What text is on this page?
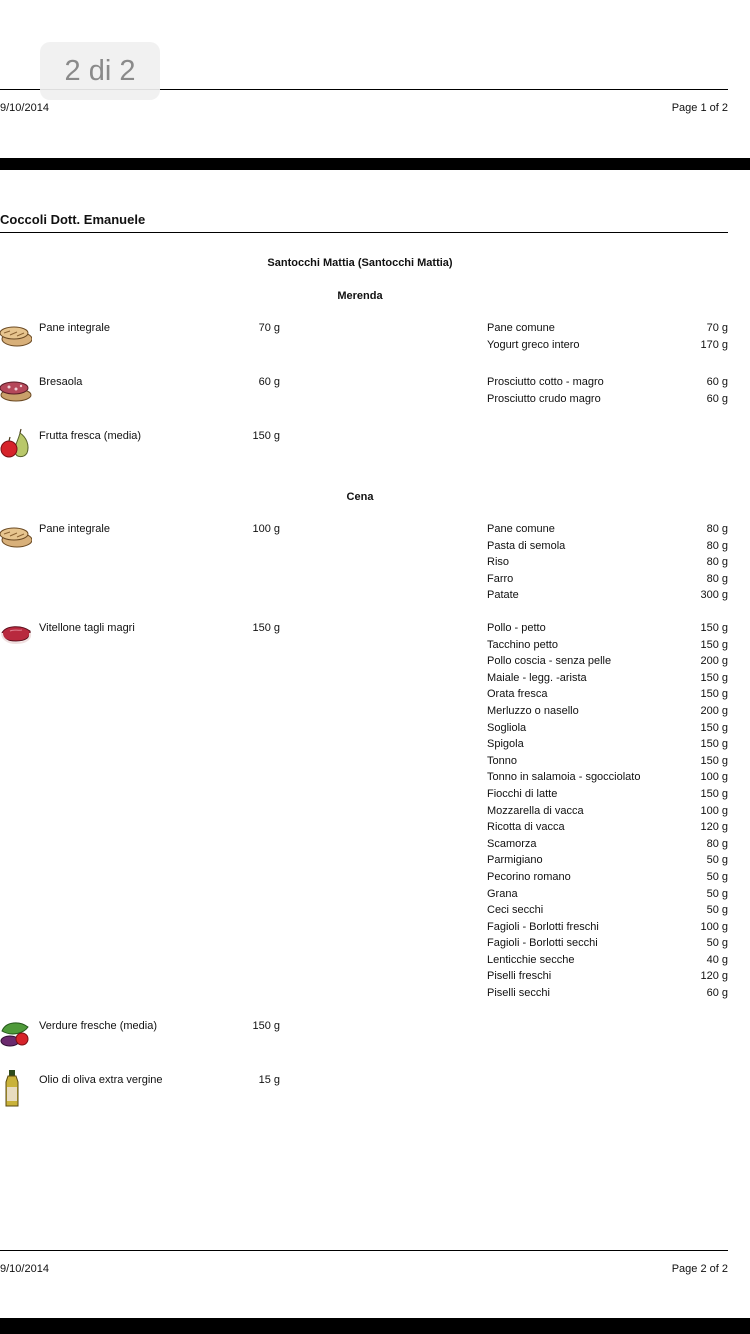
2 di 2
9/10/2014	Page 1 of 2
Coccoli Dott. Emanuele
Santocchi Mattia (Santocchi Mattia)
Merenda
Pane integrale	70 g	Pane comune	70 g
Yogurt greco intero	170 g
Bresaola	60 g	Prosciutto cotto - magro	60 g
Prosciutto crudo magro	60 g
Frutta fresca (media)	150 g
Cena
Pane integrale	100 g	Pane comune	80 g
Pasta di semola	80 g
Riso	80 g
Farro	80 g
Patate	300 g
Vitellone tagli magri	150 g	Pollo - petto	150 g
Tacchino petto	150 g
Pollo coscia - senza pelle	200 g
Maiale - legg. -arista	150 g
Orata fresca	150 g
Merluzzo o nasello	200 g
Sogliola	150 g
Spigola	150 g
Tonno	150 g
Tonno in salamoia - sgocciolato	100 g
Fiocchi di latte	150 g
Mozzarella di vacca	100 g
Ricotta di vacca	120 g
Scamorza	80 g
Parmigiano	50 g
Pecorino romano	50 g
Grana	50 g
Ceci secchi	50 g
Fagioli - Borlotti freschi	100 g
Fagioli - Borlotti secchi	50 g
Lenticchie secche	40 g
Piselli freschi	120 g
Piselli secchi	60 g
Verdure fresche (media)	150 g
Olio di oliva extra vergine	15 g
9/10/2014	Page 2 of 2
